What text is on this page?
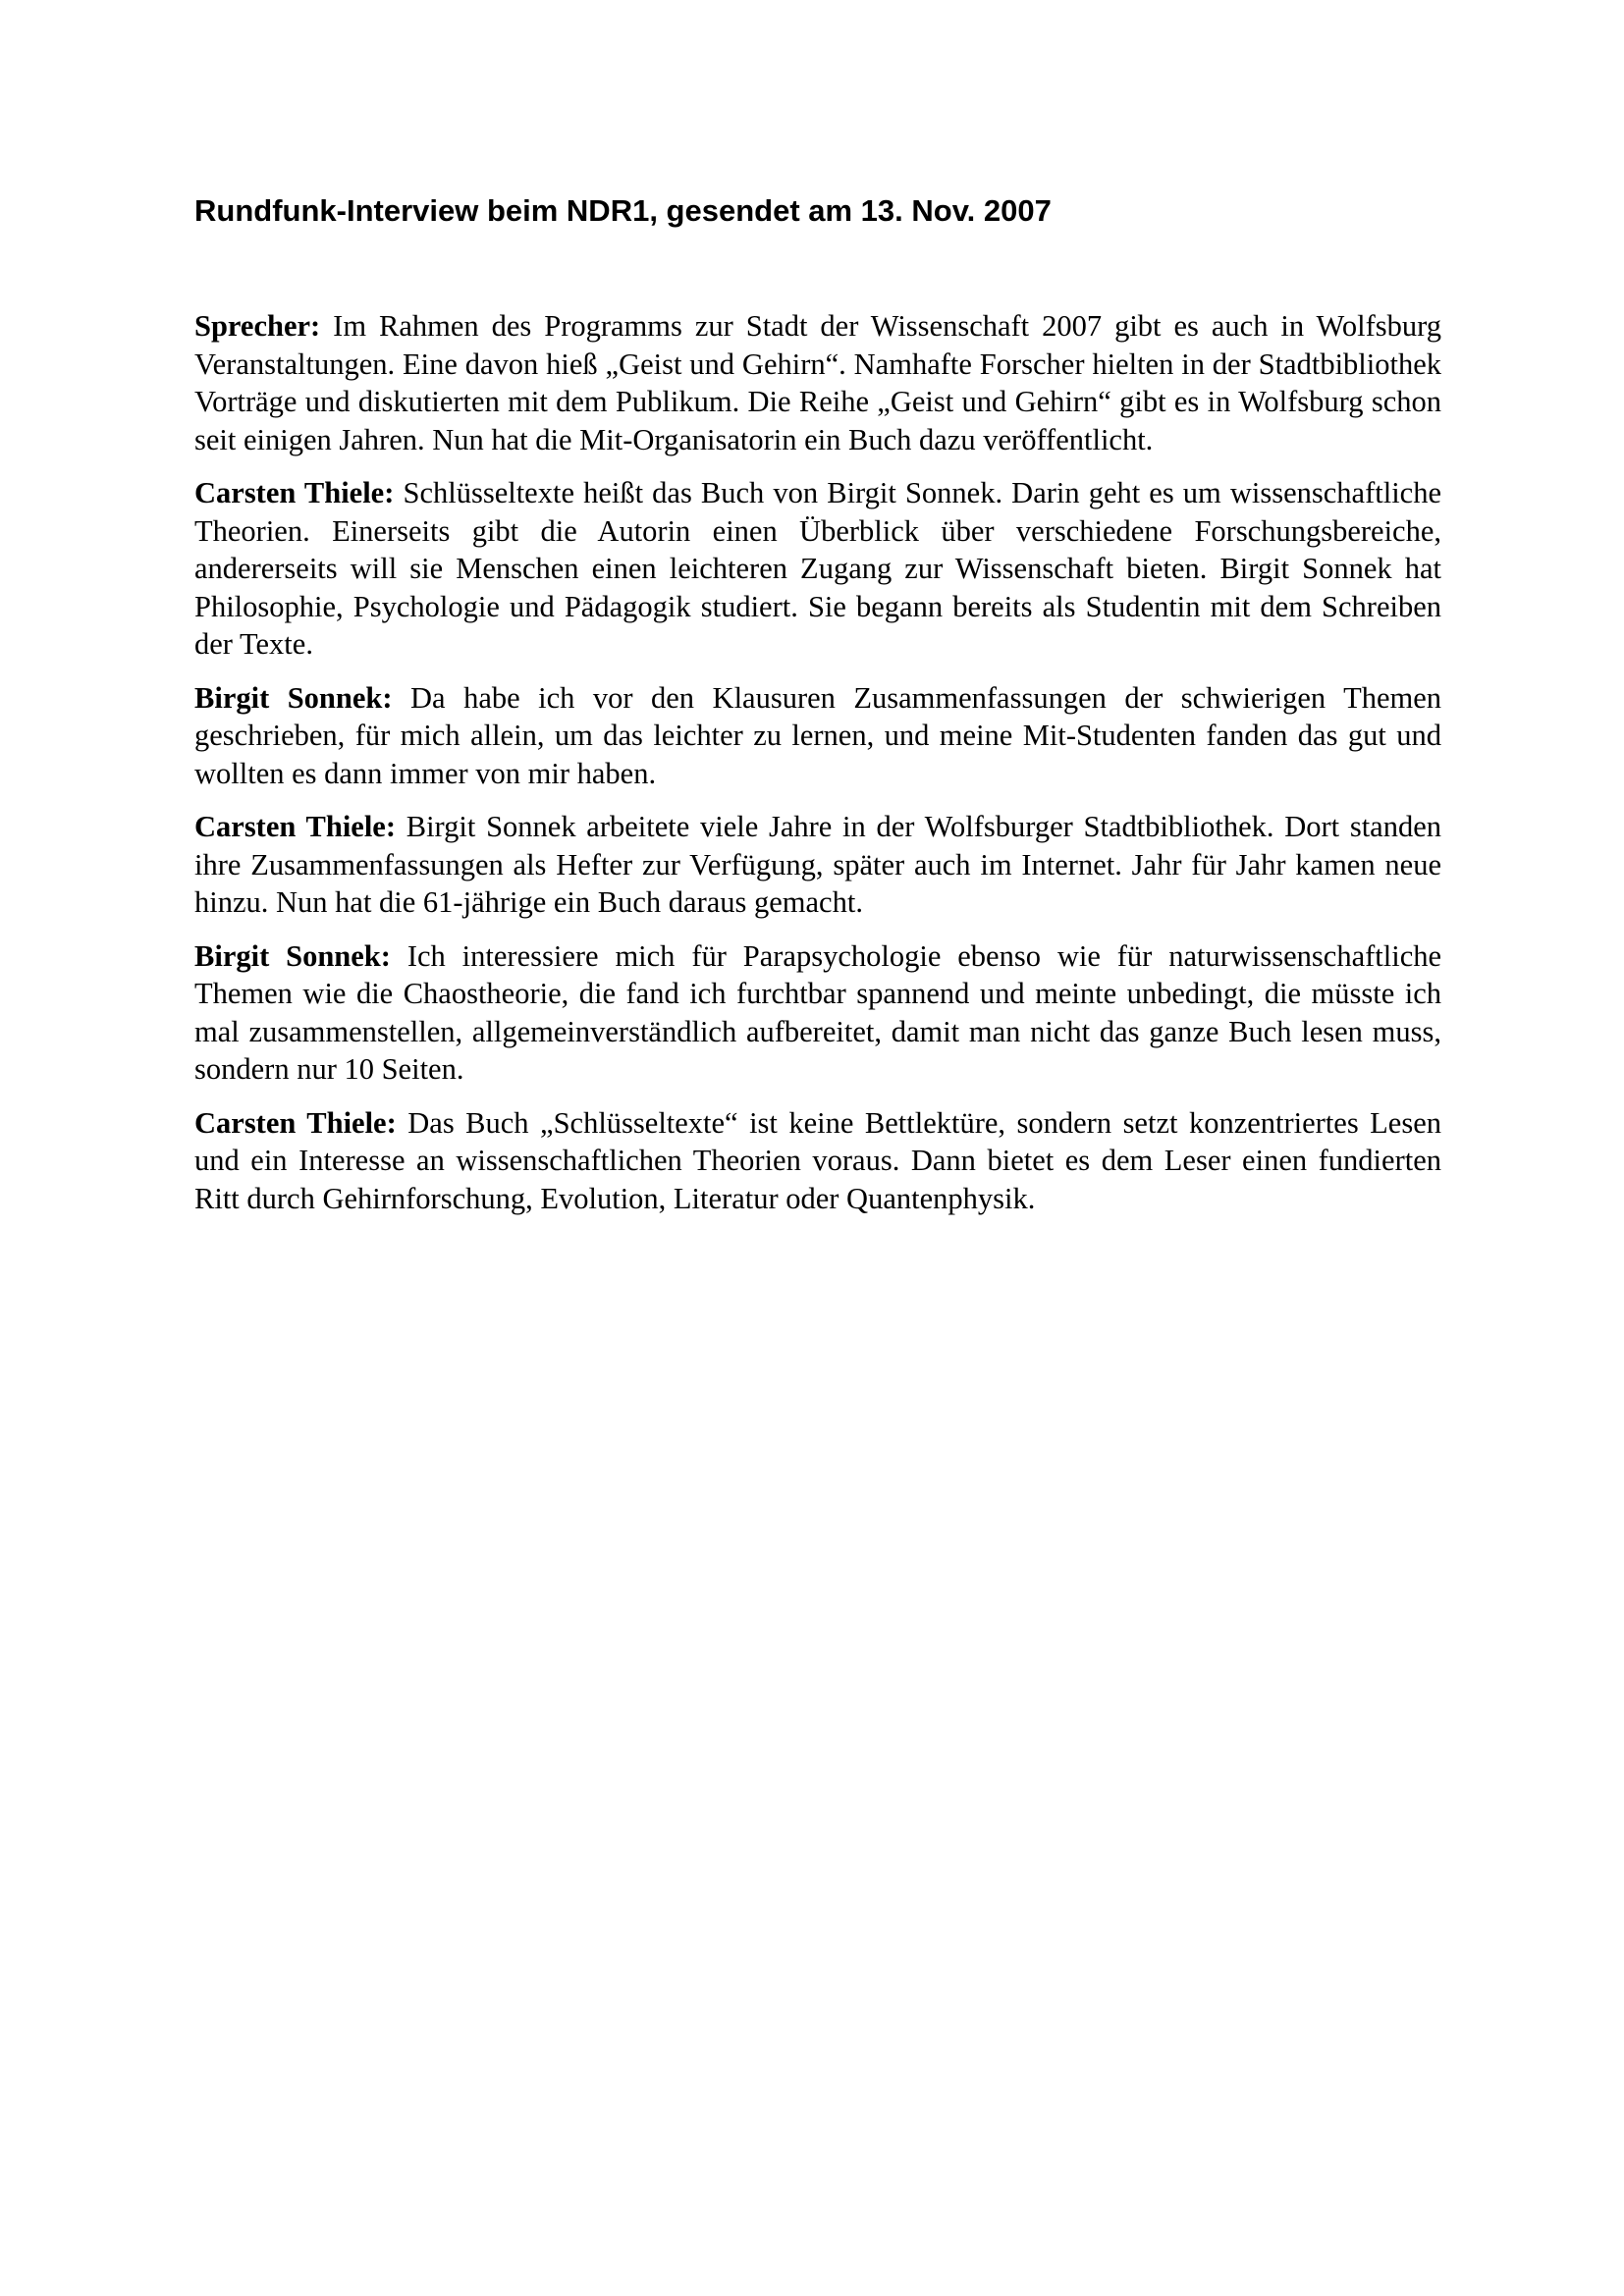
Rundfunk-Interview beim NDR1, gesendet am 13. Nov. 2007

Sprecher: Im Rahmen des Programms zur Stadt der Wissenschaft 2007 gibt es auch in Wolfsburg Veranstaltungen. Eine davon hieß „Geist und Gehirn“. Namhafte Forscher hielten in der Stadtbibliothek Vorträge und diskutierten mit dem Publikum. Die Reihe „Geist und Gehirn“ gibt es in Wolfsburg schon seit einigen Jahren. Nun hat die Mit-Organisatorin ein Buch dazu veröffentlicht.

Carsten Thiele: Schlüsseltexte heißt das Buch von Birgit Sonnek. Darin geht es um wissenschaftliche Theorien. Einerseits gibt die Autorin einen Überblick über verschiedene Forschungsbereiche, andererseits will sie Menschen einen leichteren Zugang zur Wissenschaft bieten. Birgit Sonnek hat Philosophie, Psychologie und Pädagogik studiert. Sie begann bereits als Studentin mit dem Schreiben der Texte.

Birgit Sonnek: Da habe ich vor den Klausuren Zusammenfassungen der schwierigen Themen geschrieben, für mich allein, um das leichter zu lernen, und meine Mit-Studenten fanden das gut und wollten es dann immer von mir haben.

Carsten Thiele: Birgit Sonnek arbeitete viele Jahre in der Wolfsburger Stadtbibliothek. Dort standen ihre Zusammenfassungen als Hefter zur Verfügung, später auch im Internet. Jahr für Jahr kamen neue hinzu. Nun hat die 61-jährige ein Buch daraus gemacht.

Birgit Sonnek: Ich interessiere mich für Parapsychologie ebenso wie für naturwissenschaftliche Themen wie die Chaostheorie, die fand ich furchtbar spannend und meinte unbedingt, die müsste ich mal zusammenstellen, allgemeinverständlich aufbereitet, damit man nicht das ganze Buch lesen muss, sondern nur 10 Seiten.

Carsten Thiele: Das Buch „Schlüsseltexte“ ist keine Bettlektüre, sondern setzt konzentriertes Lesen und ein Interesse an wissenschaftlichen Theorien voraus. Dann bietet es dem Leser einen fundierten Ritt durch Gehirnforschung, Evolution, Literatur oder Quantenphysik.
